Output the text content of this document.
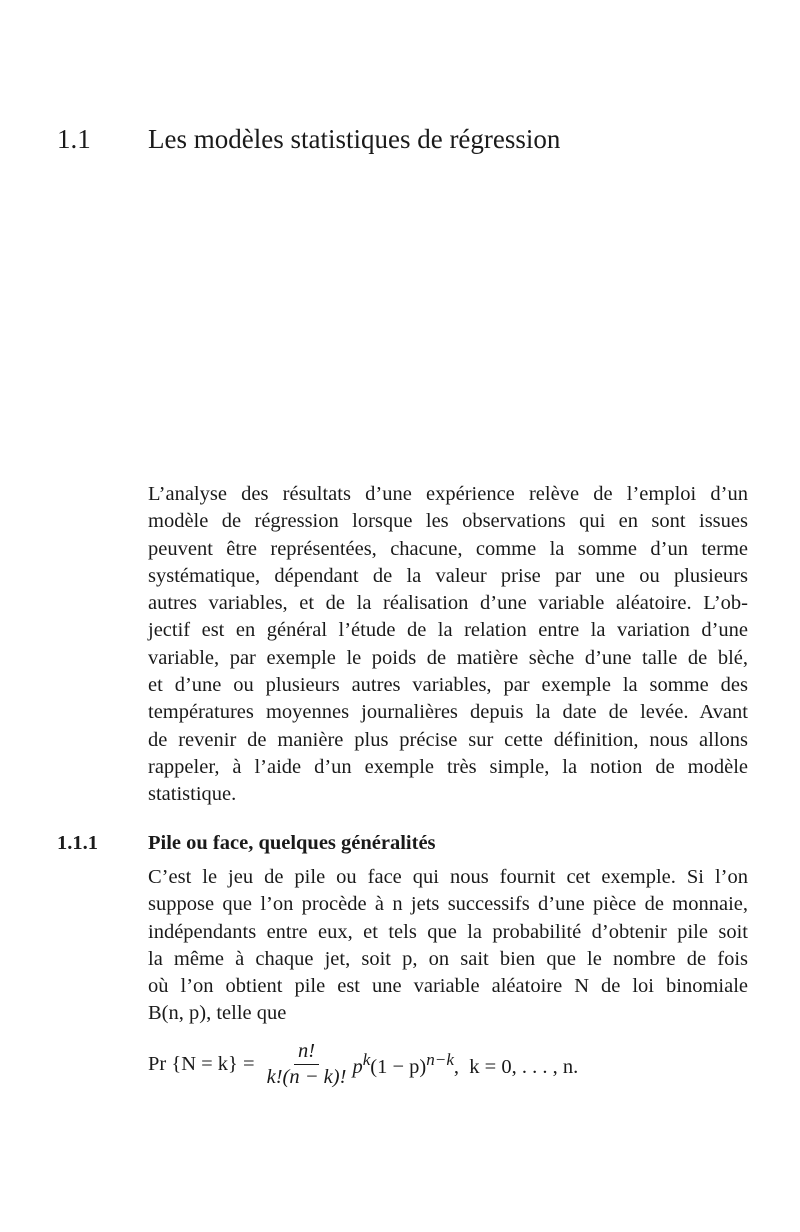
1.1 Les modèles statistiques de régression
L’analyse des résultats d’une expérience relève de l’emploi d’un
modèle de régression lorsque les observations qui en sont issues
peuvent être représentées, chacune, comme la somme d’un terme
systématique, dépendant de la valeur prise par une ou plusieurs
autres variables, et de la réalisation d’une variable aléatoire. L’ob-
jectif est en général l’étude de la relation entre la variation d’une
variable, par exemple le poids de matière sèche d’une talle de blé,
et d’une ou plusieurs autres variables, par exemple la somme des
températures moyennes journalières depuis la date de levée. Avant
de revenir de manière plus précise sur cette définition, nous allons
rappeler, à l’aide d’un exemple très simple, la notion de modèle
statistique.
1.1.1 Pile ou face, quelques généralités
C’est le jeu de pile ou face qui nous fournit cet exemple. Si l’on
suppose que l’on procède à n jets successifs d’une pièce de monnaie,
indépendants entre eux, et tels que la probabilité d’obtenir pile soit
la même à chaque jet, soit p, on sait bien que le nombre de fois
où l’on obtient pile est une variable aléatoire N de loi binomiale
B(n, p), telle que
Pr $\{N = k\} = \frac{n!}{k!(n - k)!} p^k(1 - p)^{n-k}$,  k = 0, . . . , n.
